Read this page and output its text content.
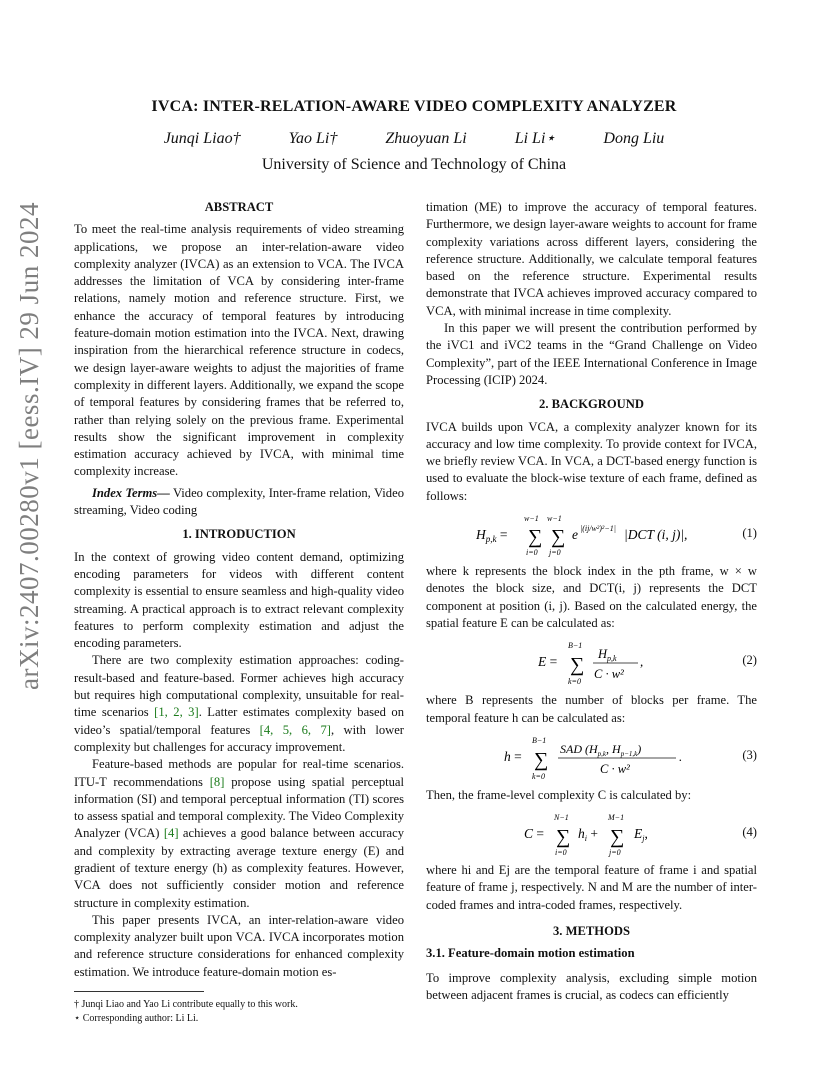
arXiv:2407.00280v1 [eess.IV] 29 Jun 2024
IVCA: INTER-RELATION-AWARE VIDEO COMPLEXITY ANALYZER
Junqi Liao†	Yao Li†	Zhuoyuan Li	Li Li⋆	Dong Liu
University of Science and Technology of China
ABSTRACT

To meet the real-time analysis requirements of video streaming applications, we propose an inter-relation-aware video complexity analyzer (IVCA) as an extension to VCA. The IVCA addresses the limitation of VCA by considering inter-frame relations, namely motion and reference structure. First, we enhance the accuracy of temporal features by introducing feature-domain motion estimation into the IVCA. Next, drawing inspiration from the hierarchical reference structure in codecs, we design layer-aware weights to adjust the majorities of frame complexity in different layers. Additionally, we expand the scope of temporal features by considering frames that be referred to, rather than relying solely on the previous frame. Experimental results show the significant improvement in complexity estimation accuracy achieved by IVCA, with minimal time complexity increase.

Index Terms— Video complexity, Inter-frame relation, Video streaming, Video coding

1. INTRODUCTION

In the context of growing video content demand, optimizing encoding parameters for videos with different content complexity is essential to ensure seamless and high-quality video streaming. A practical approach is to extract relevant complexity features to perform complexity estimation and adjust the encoding parameters.

There are two complexity estimation approaches: coding-result-based and feature-based. Former achieves high accuracy but requires high computational complexity, unsuitable for real-time scenarios [1, 2, 3]. Latter estimates complexity based on video’s spatial/temporal features [4, 5, 6, 7], with lower complexity but challenges for accuracy improvement.

Feature-based methods are popular for real-time scenarios. ITU-T recommendations [8] propose using spatial perceptual information (SI) and temporal perceptual information (TI) scores to assess spatial and temporal complexity. The Video Complexity Analyzer (VCA) [4] achieves a good balance between accuracy and complexity by extracting average texture energy (E) and gradient of texture energy (h) as complexity features. However, VCA does not sufficiently consider motion and reference structure in complexity estimation.

This paper presents IVCA, an inter-relation-aware video complexity analyzer built upon VCA. IVCA incorporates motion and reference structure considerations for enhanced complexity estimation. We introduce feature-domain motion es-

† Junqi Liao and Yao Li contribute equally to this work.
⋆ Corresponding author: Li Li.

timation (ME) to improve the accuracy of temporal features. Furthermore, we design layer-aware weights to account for frame complexity variations across different layers, considering the reference structure. Additionally, we calculate temporal features based on the reference structure. Experimental results demonstrate that IVCA achieves improved accuracy compared to VCA, with minimal increase in time complexity.

In this paper we will present the contribution performed by the iVC1 and iVC2 teams in the “Grand Challenge on Video Complexity”, part of the IEEE International Conference in Image Processing (ICIP) 2024.

2. BACKGROUND

IVCA builds upon VCA, a complexity analyzer known for its accuracy and low time complexity. To provide context for IVCA, we briefly review VCA. In VCA, a DCT-based energy function is used to evaluate the block-wise texture of each frame, defined as follows:

$H_{p,k}$ = ∑
w−1
i=0
∑
w−1
j=0
e |(ij/w²)²−1| |DCT (i, j)|,	(1)

where k represents the block index in the pth frame, w × w denotes the block size, and DCT(i, j) represents the DCT component at position (i, j). Based on the calculated energy, the spatial feature E can be calculated as:

E = ∑
B−1
k=0
$H_{p,k}$
C · w²
,	(2)

where B represents the number of blocks per frame. The temporal feature h can be calculated as:

h = ∑
B−1
k=0
SAD ($H_{p,k}$, $H_{p-1,k}$)
C · w²
.	(3)

Then, the frame-level complexity C is calculated by:

C = ∑
N−1
i=0
$h_i$ + ∑
M−1
j=0
$E_j$,	(4)

where hi and Ej are the temporal feature of frame i and spatial feature of frame j, respectively. N and M are the number of inter-coded frames and intra-coded frames, respectively.

3. METHODS
3.1. Feature-domain motion estimation

To improve complexity analysis, excluding simple motion between adjacent frames is crucial, as codecs can efficiently
